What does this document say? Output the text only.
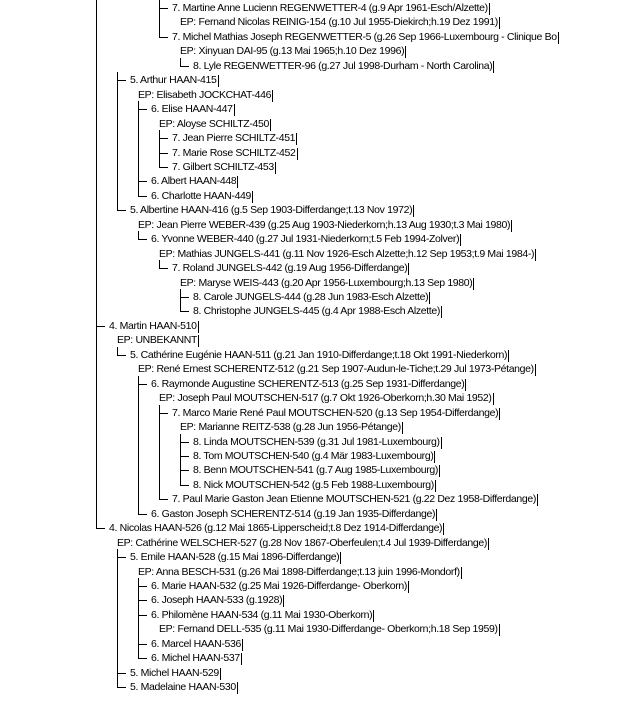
7. Martine Anne Lucienn REGENWETTER-4 (g.9 Apr 1961-Esch/Alzette)
EP: Fernand Nicolas REINIG-154 (g.10 Jul 1955-Diekirch;h.19 Dez 1991)
7. Michel Mathias Joseph REGENWETTER-5 (g.26 Sep 1966-Luxembourg - Clinique Bo
EP: Xinyuan DAI-95 (g.13 Mai 1965;h.10 Dez 1996)
8. Lyle REGENWETTER-96 (g.27 Jul 1998-Durham - North Carolina)
5. Arthur HAAN-415
EP: Elisabeth JOCKCHAT-446
6. Elise HAAN-447
EP: Aloyse SCHILTZ-450
7. Jean Pierre SCHILTZ-451
7. Marie Rose SCHILTZ-452
7. Gilbert SCHILTZ-453
6. Albert HAAN-448
6. Charlotte HAAN-449
5. Albertine HAAN-416 (g.5 Sep 1903-Differdange;t.13 Nov 1972)
EP: Jean Pierre WEBER-439 (g.25 Aug 1903-Niederkorn;h.13 Aug 1930;t.3 Mai 1980)
6. Yvonne WEBER-440 (g.27 Jul 1931-Niederkorn;t.5 Feb 1994-Zolver)
EP: Mathias JUNGELS-441 (g.11 Nov 1926-Esch Alzette;h.12 Sep 1953;t.9 Mai 1984-)
7. Roland JUNGELS-442 (g.19 Aug 1956-Differdange)
EP: Maryse WEIS-443 (g.20 Apr 1956-Luxembourg;h.13 Sep 1980)
8. Carole JUNGELS-444 (g.28 Jun 1983-Esch Alzette)
8. Christophe JUNGELS-445 (g.4 Apr 1988-Esch Alzette)
4. Martin HAAN-510
EP: UNBEKANNT
5. Cathérine Eugénie HAAN-511 (g.21 Jan 1910-Differdange;t.18 Okt 1991-Niederkorn)
EP: René Ernest SCHERENTZ-512 (g.21 Sep 1907-Audun-le-Tiche;t.29 Jul 1973-Pétange)
6. Raymonde Augustine SCHERENTZ-513 (g.25 Sep 1931-Differdange)
EP: Joseph Paul MOUTSCHEN-517 (g.7 Okt 1926-Oberkorn;h.30 Mai 1952)
7. Marco Marie René Paul MOUTSCHEN-520 (g.13 Sep 1954-Differdange)
EP: Marianne REITZ-538 (g.28 Jun 1956-Pétange)
8. Linda MOUTSCHEN-539 (g.31 Jul 1981-Luxembourg)
8. Tom MOUTSCHEN-540 (g.4 Mär 1983-Luxembourg)
8. Benn MOUTSCHEN-541 (g.7 Aug 1985-Luxembourg)
8. Nick MOUTSCHEN-542 (g.5 Feb 1988-Luxembourg)
7. Paul Marie Gaston Jean Etienne MOUTSCHEN-521 (g.22 Dez 1958-Differdange)
6. Gaston Joseph SCHERENTZ-514 (g.19 Jan 1935-Differdange)
4. Nicolas HAAN-526 (g.12 Mai 1865-Lipperscheid;t.8 Dez 1914-Differdange)
EP: Cathérine WELSCHER-527 (g.28 Nov 1867-Oberfeulen;t.4 Jul 1939-Differdange)
5. Emile HAAN-528 (g.15 Mai 1896-Differdange)
EP: Anna BESCH-531 (g.26 Mai 1898-Differdange;t.13 juin 1996-Mondorf)
6. Marie HAAN-532 (g.25 Mai 1926-Differdange- Oberkorn)
6. Joseph HAAN-533 (g.1928)
6. Philomène HAAN-534 (g.11 Mai 1930-Oberkorn)
EP: Fernand DELL-535 (g.11 Mai 1930-Differdange- Oberkorn;h.18 Sep 1959)
6. Marcel HAAN-536
6. Michel HAAN-537
5. Michel HAAN-529
5. Madelaine HAAN-530
